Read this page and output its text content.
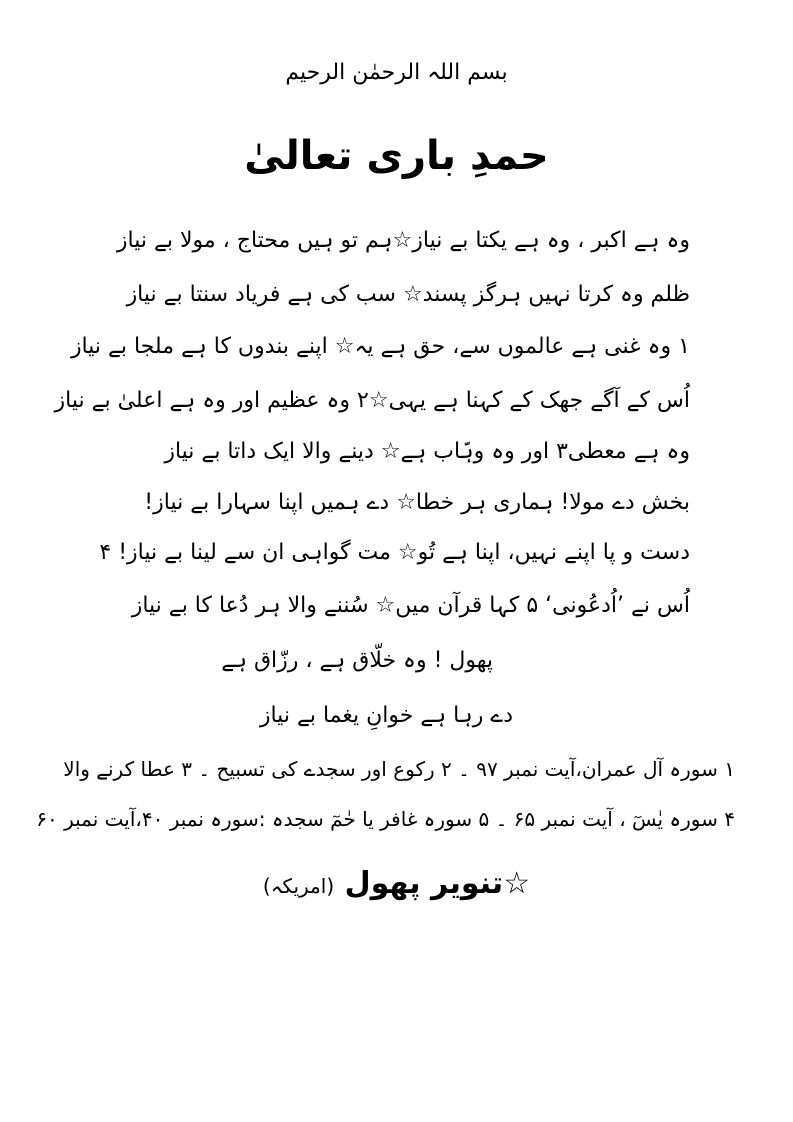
بسم اللہ الرحمٰن الرحیم
حمدِ باری تعالیٰ
وہ ہے اکبر ، وہ ہے یکتا بے نیاز☆ہم تو ہیں محتاج ، مولا بے نیاز
ظلم وہ کرتا نہیں ہرگز پسند☆ سب کی ہے فریاد سنتا بے نیاز
۱ وہ غنی ہے عالموں سے، حق ہے یہ☆ اپنے بندوں کا ہے ملجا بے نیاز
اُس کے آگے جھک کے کہنا ہے یہی☆۲ وہ عظیم اور وہ ہے اعلیٰ بے نیاز
وہ ہے معطی۳ اور وہ وہّاب ہے☆ دینے والا ایک داتا بے نیاز
بخش دے مولا! ہماری ہر خطا☆ دے ہمیں اپنا سہارا بے نیاز!
دست و پا اپنے نہیں، اپنا ہے تُو☆ مت گواہی ان سے لینا بے نیاز! ۴
اُس نے ’اُدعُونی‘ ۵ کہا قرآن میں☆ سُننے والا ہر دُعا کا بے نیاز
پھول ! وہ خلّاق ہے ، رزّاق ہے
دے رہا ہے خوانِ یغما بے نیاز
۱ سورہ آل عمران،آیت نمبر ۹۷ ۔ ۲ رکوع اور سجدے کی تسبیح ۔ ۳ عطا کرنے والا
۴ سورہ یٰسٓ ، آیت نمبر ۶۵ ۔ ۵ سورہ غافر یا حٰمٓ سجدہ :سورہ نمبر ۴۰،آیت نمبر ۶۰
☆تنویر پھول (امریکہ)
